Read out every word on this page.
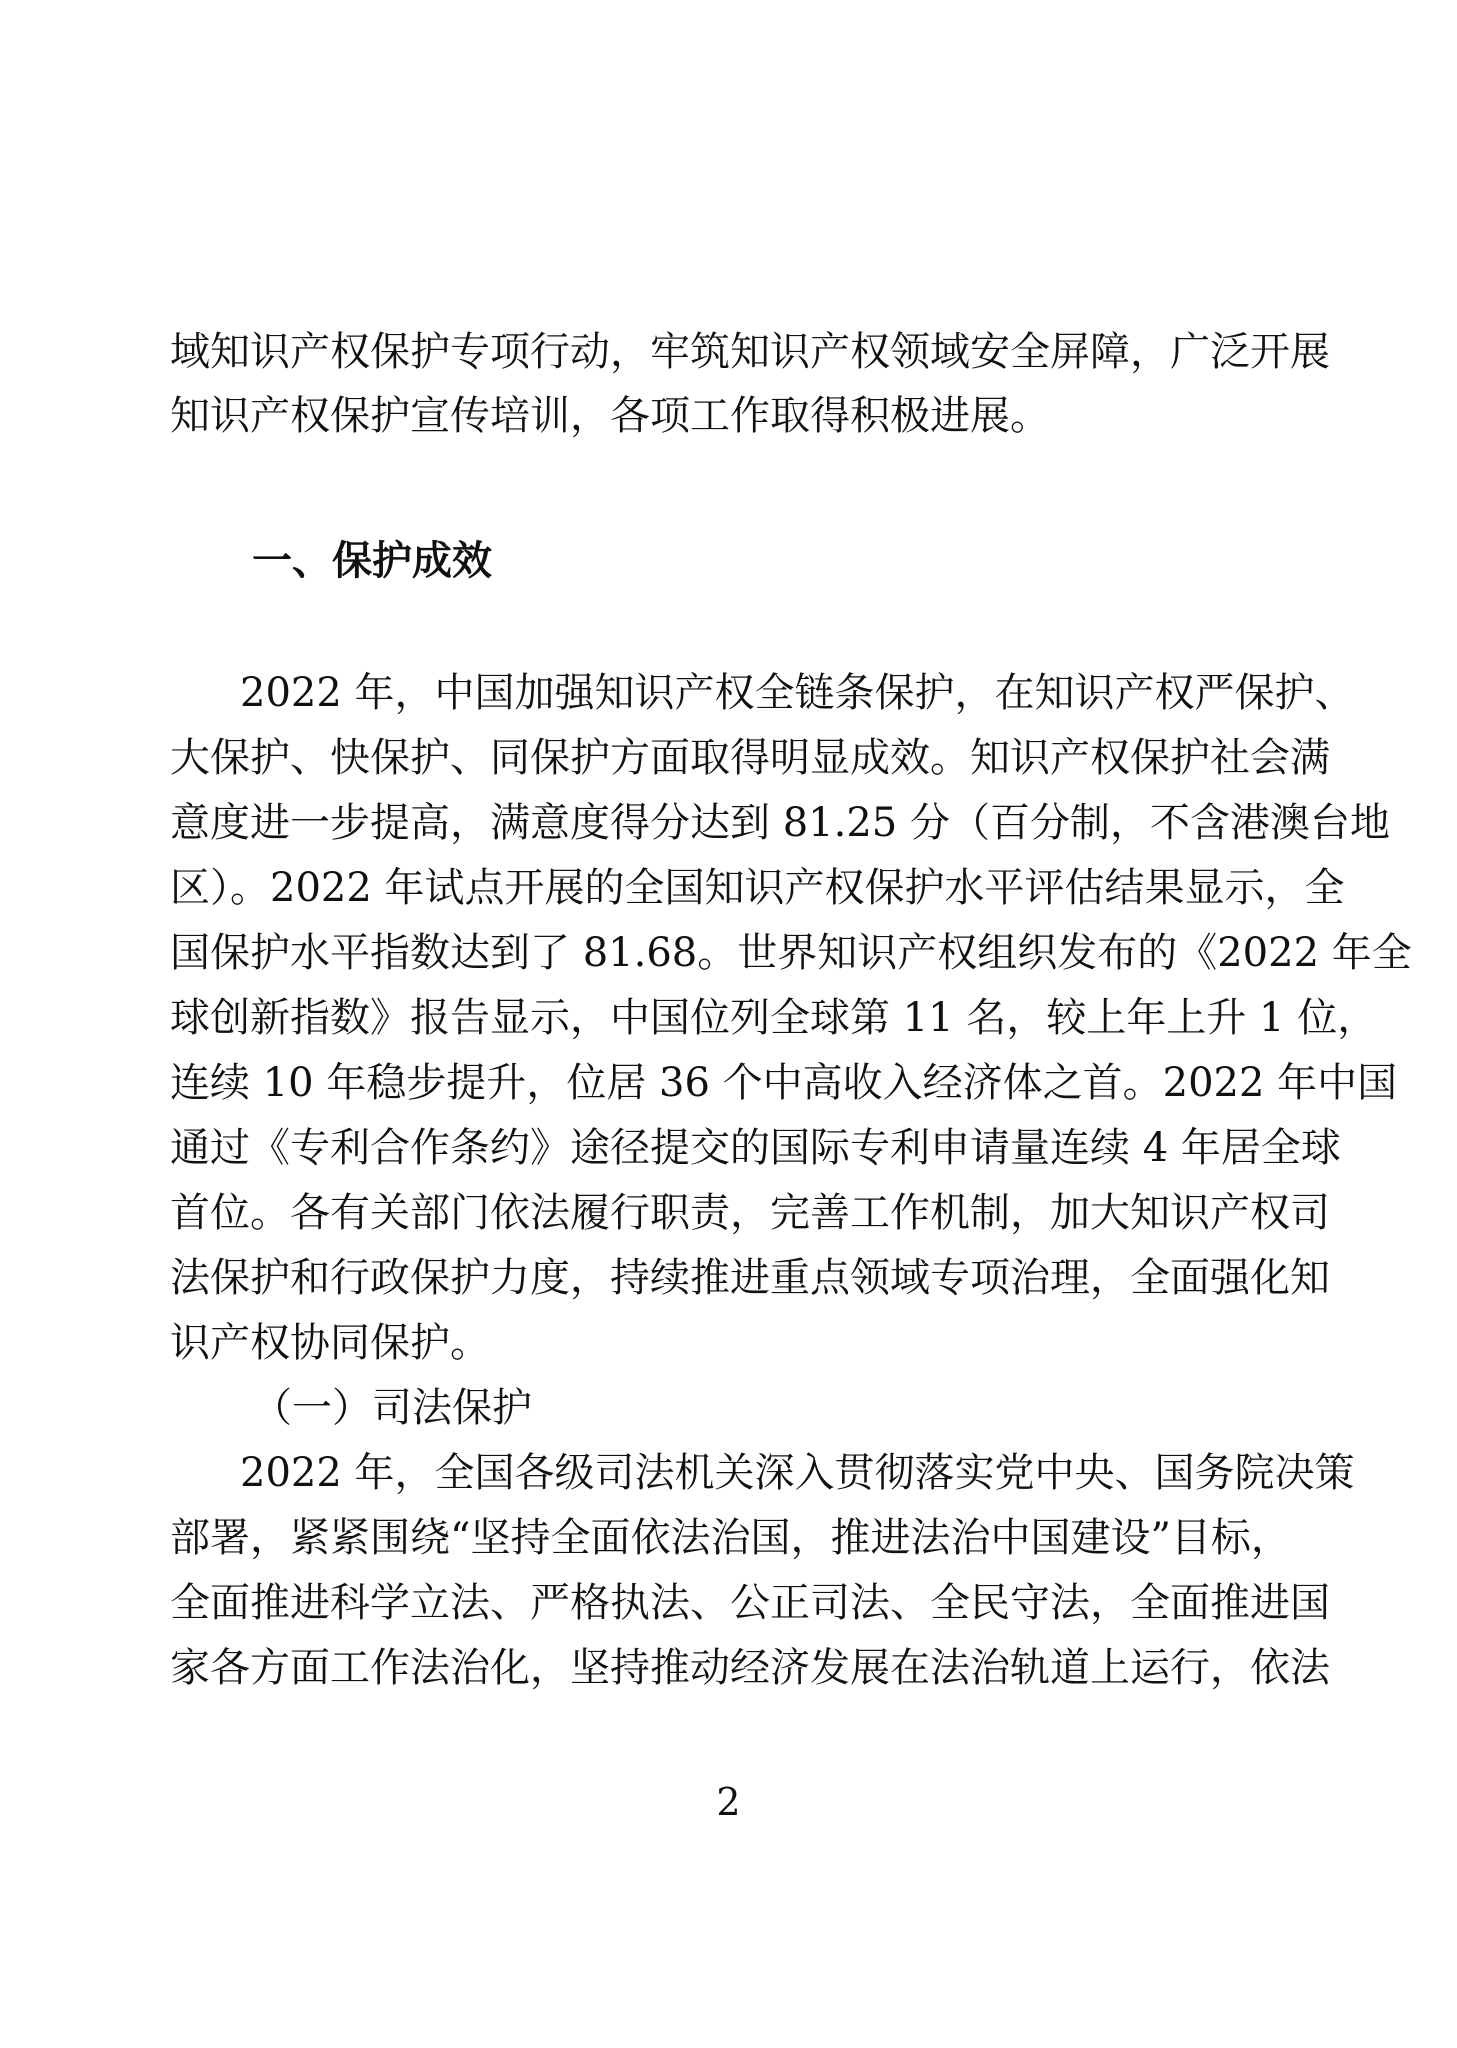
域知识产权保护专项行动，牢筑知识产权领域安全屏障，广泛开展
知识产权保护宣传培训，各项工作取得积极进展。
一、保护成效
2022 年，中国加强知识产权全链条保护，在知识产权严保护、
大保护、快保护、同保护方面取得明显成效。知识产权保护社会满
意度进一步提高，满意度得分达到 81.25 分（百分制，不含港澳台地
区）。2022 年试点开展的全国知识产权保护水平评估结果显示，全
国保护水平指数达到了 81.68。世界知识产权组织发布的《2022 年全
球创新指数》报告显示，中国位列全球第 11 名，较上年上升 1 位，
连续 10 年稳步提升，位居 36 个中高收入经济体之首。2022 年中国
通过《专利合作条约》途径提交的国际专利申请量连续 4 年居全球
首位。各有关部门依法履行职责，完善工作机制，加大知识产权司
法保护和行政保护力度，持续推进重点领域专项治理，全面强化知
识产权协同保护。
（一）司法保护
2022 年，全国各级司法机关深入贯彻落实党中央、国务院决策
部署，紧紧围绕“坚持全面依法治国，推进法治中国建设”目标，
全面推进科学立法、严格执法、公正司法、全民守法，全面推进国
家各方面工作法治化，坚持推动经济发展在法治轨道上运行，依法
2
